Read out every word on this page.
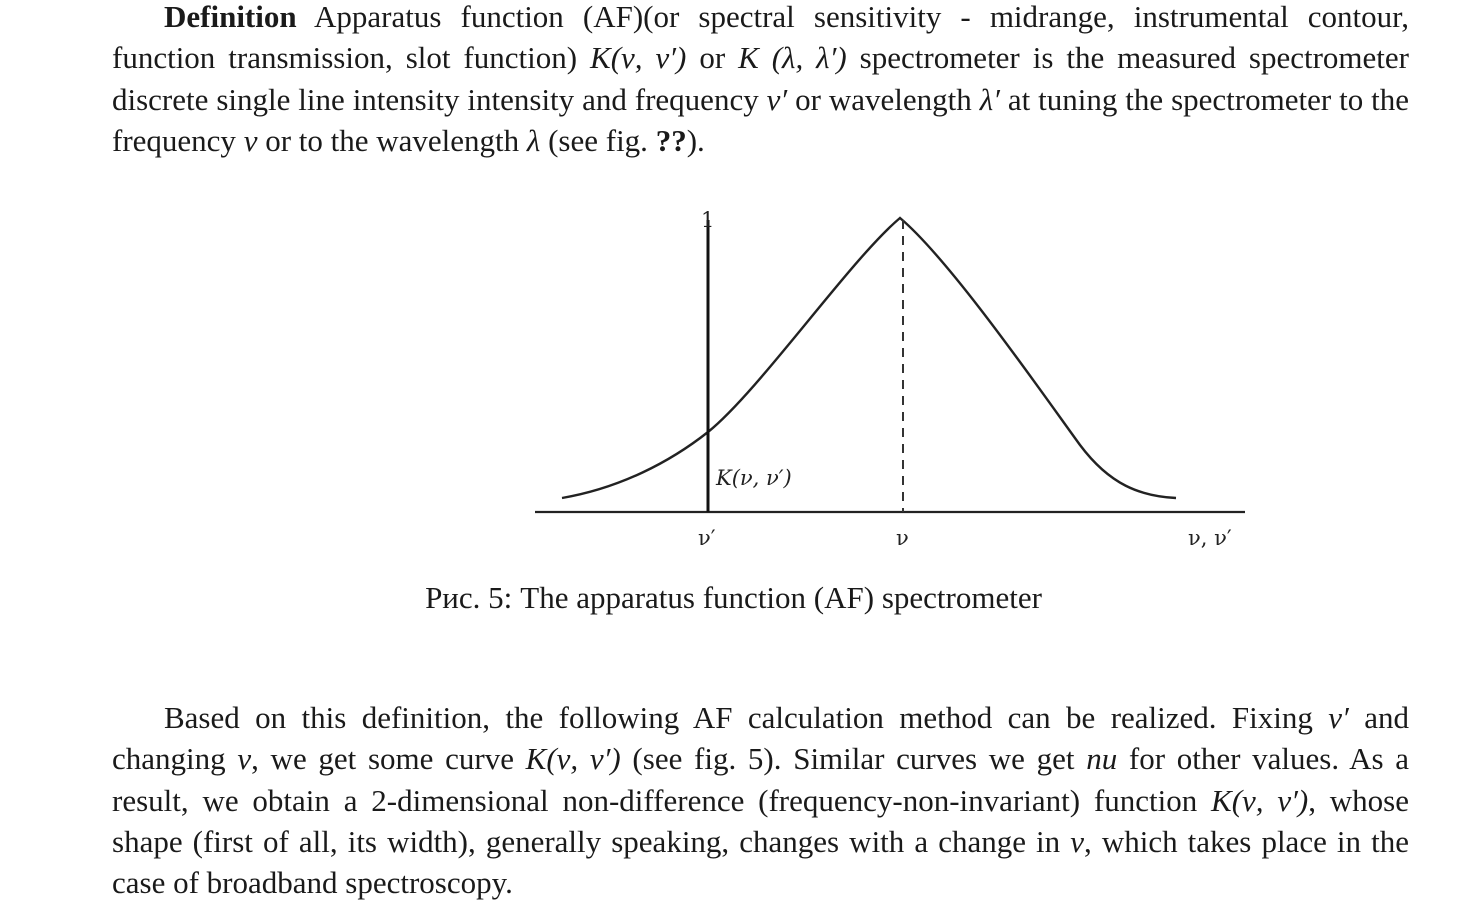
Definition Apparatus function (AF)(or spectral sensitivity - midrange, instrumental contour, function transmission, slot function) K(ν, ν′) or K (λ, λ′) spectrometer is the measured spectrometer discrete single line intensity intensity and frequency ν′ or wavelength λ′ at tuning the spectrometer to the frequency ν or to the wavelength λ (see fig. ??).

1
K(ν, ν′)
ν′	ν	ν, ν′
Рис. 5: The apparatus function (AF) spectrometer

Based on this definition, the following AF calculation method can be realized. Fixing ν′ and changing ν, we get some curve K(ν, ν′) (see fig. 5). Similar curves we get nu for other values. As a result, we obtain a 2-dimensional non-difference (frequency-non-invariant) function K(ν, ν′), whose shape (first of all, its width), generally speaking, changes with a change in ν, which takes place in the case of broadband spectroscopy.
